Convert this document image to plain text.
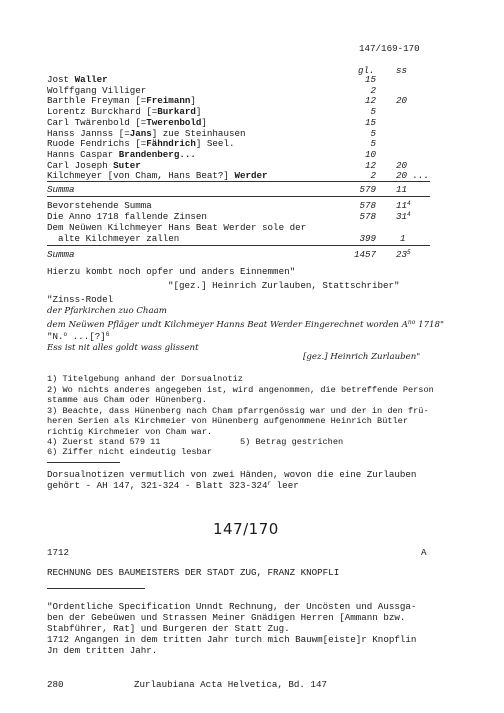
147/169-170
gl. ss
Jost Waller	15
Wolffgang Villiger	2
Barthle Freyman [=Freimann]	12 20
Lorentz Burckhard [=Burkard]	5
Carl Twärenbold [=Twerenbold]	15
Hanss Jannss [=Jans] zue Steinhausen	5
Ruode Fendrichs [=Fähndrich] Seel.	5
Hanns Caspar Brandenberg...	10
Carl Joseph Suter	12 20
Kilchmeyer [von Cham, Hans Beat?] Werder	2 20 ...
Summa	579 11
Bevorstehende Summa	578 $11^4$
Die Anno 1718 fallende Zinsen	578 $31^4$
Dem Neüwen Kilchmeyer Hans Beat Werder sole der
alte Kilchmeyer zallen	399	1
Summa	1457 $23^5$
Hierzu kombt noch opfer und anders Einnemmen"
"[gez.] Heinrich Zurlauben, Stattschriber"
"Zinss-Rodel
der Pfarkirchen zuo Chaam
dem Neüwen Pfläger undt Kilchmeyer Hanns Beat Werder Eingerechnet worden $A^{no}$ 1718"
"N.$^o$ ...[?]$^6$
Ess ist nit alles goldt wass glissent
[gez.] Heinrich Zurlauben"
1) Titelgebung anhand der Dorsualnotiz
2) Wo nichts anderes angegeben ist, wird angenommen, die betreffende Person
stamme aus Cham oder Hünenberg.
3) Beachte, dass Hünenberg nach Cham pfarrgenössig war und der in den frü-
heren Serien als Kirchmeier von Hünenberg aufgenommene Heinrich Bütler
richtig Kirchmeier von Cham war.
4) Zuerst stand 579 11	5) Betrag gestrichen
6) Ziffer nicht eindeutig lesbar
Dorsualnotizen vermutlich von zwei Händen, wovon die eine Zurlauben
gehört - AH 147, 321-324 - Blatt 323-324$^r$ leer
147/170
1712	A
RECHNUNG DES BAUMEISTERS DER STADT ZUG, FRANZ KNOPFLI
"Ordentliche Specification Unndt Rechnung, der Uncösten und Aussga-
ben der Gebeüwen und Strassen Meiner Gnädigen Herren [Ammann bzw.
Stabführer, Rat] und Burgeren der Statt Zug.
1712 Angangen in dem tritten Jahr turch mich Bauwm[eiste]r Knopflin
Jn dem tritten Jahr.
280	Zurlaubiana Acta Helvetica, Bd. 147
